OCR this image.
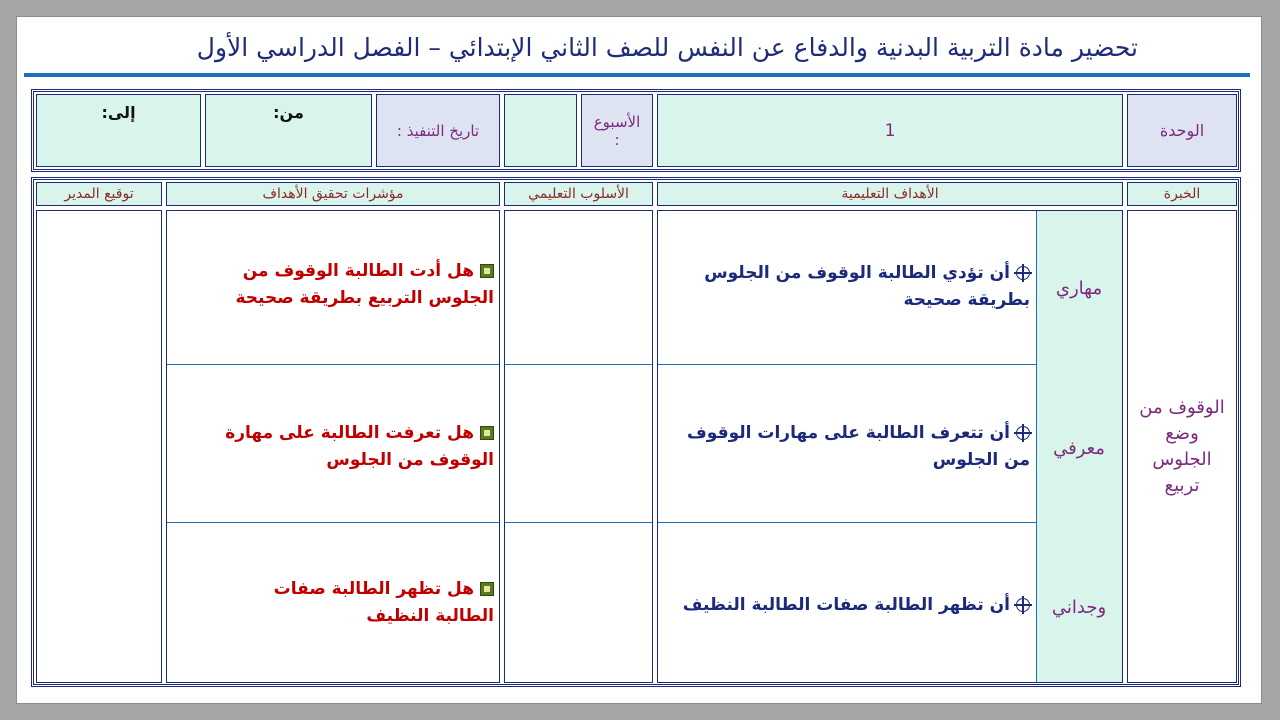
تحضير مادة التربية البدنية والدفاع عن النفس للصف الثاني الإبتدائي – الفصل الدراسي الأول
الوحدة
1
الأسبوع
:
تاريخ التنفيذ :
من:
إلى:
الخبرة
الأهداف التعليمية
الأسلوب التعليمي
مؤشرات تحقيق الأهداف
توقيع المدير
الوقوف من وضع الجلوس تربيع
مهاري
معرفي
وجداني
أن تؤدي الطالبة الوقوف من الجلوس بطريقة صحيحة
أن تتعرف الطالبة على مهارات الوقوف من الجلوس
أن تظهر الطالبة صفات الطالبة النظيف
هل أدت الطالبة الوقوف من الجلوس التربيع بطريقة صحيحة
هل تعرفت الطالبة على مهارة الوقوف من الجلوس
هل تظهر الطالبة صفات الطالبة النظيف
